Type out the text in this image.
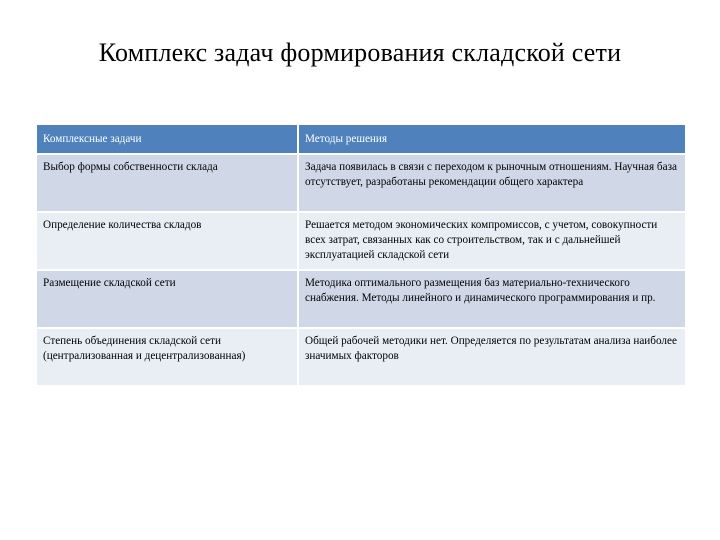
Комплекс задач формирования складской сети
Комплексные задачи	Методы решения

Выбор формы собственности склада	Задача появилась в связи с переходом к рыночным отношениям. Научная база отсутствует, разработаны рекомендации общего характера

Определение количества складов	Решается методом экономических компромиссов, с учетом, совокупности всех затрат, связанных как со строительством, так и с дальнейшей эксплуатацией складской сети

Размещение складской сети	Методика оптимального размещения баз материально-технического снабжения. Методы линейного и динамического программирования и пр.

Степень объединения складской сети (централизованная и децентрализованная)	Общей рабочей методики нет. Определяется по результатам анализа наиболее значимых факторов
